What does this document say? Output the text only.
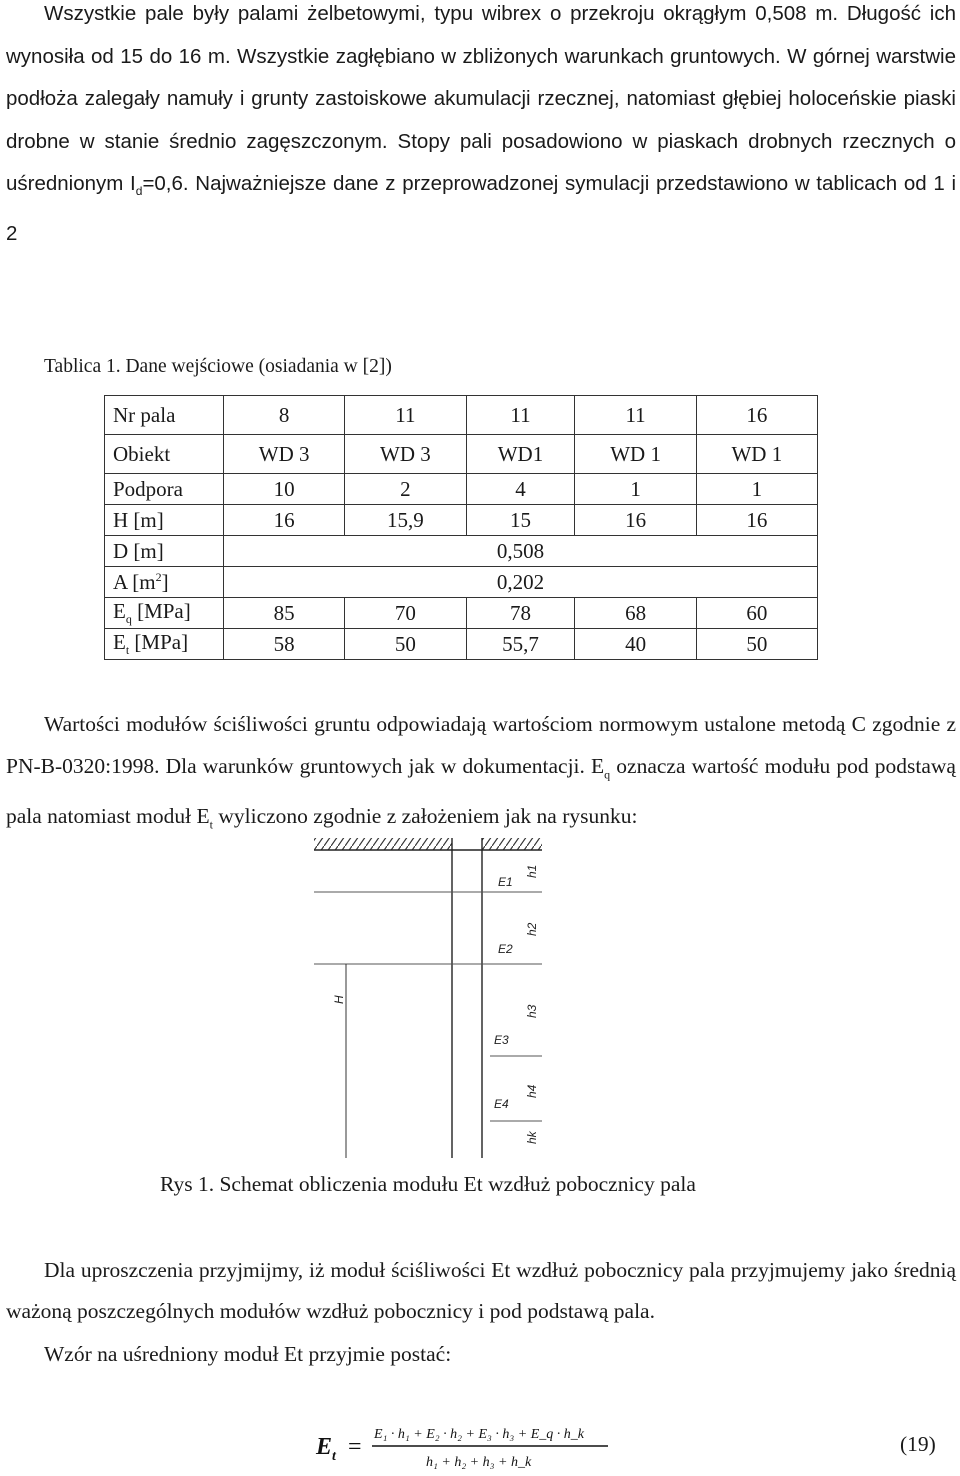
Wszystkie pale były palami żelbetowymi, typu wibrex o przekroju okrągłym 0,508 m. Długość ich wynosiła od 15 do 16 m. Wszystkie zagłębiano w zbliżonych warunkach gruntowych. W górnej warstwie podłoża zalegały namuły i grunty zastoiskowe akumulacji rzecznej, natomiast głębiej holoceńskie piaski drobne w stanie średnio zagęszczonym. Stopy pali posadowiono w piaskach drobnych rzecznych o uśrednionym $I_d=0,6$. Najważniejsze dane z przeprowadzonej symulacji przedstawiono w tablicach od 1 i 2

Tablica 1. Dane wejściowe (osiadania w [2])
Nr pala	8	11	11	11	16
Obiekt	WD 3	WD 3	WD1	WD 1	WD 1
Podpora	10	2	4	1	1
H [m]	16	15,9	15	16	16
D [m]	0,508				
A $[m^2]$	0,202				
$E_q$ [MPa]	85	70	78	68	60
$E_t$ [MPa]	58	50	55,7	40	50

Wartości modułów ściśliwości gruntu odpowiadają wartościom normowym ustalone metodą C zgodnie z PN-B-0320:1998. Dla warunków gruntowych jak w dokumentacji. $E_q$ oznacza wartość modułu pod podstawą pala natomiast moduł $E_t$ wyliczono zgodnie z założeniem jak na rysunku:

E1
E2
E3
E4
H
h1
h2
h3
h4
hk
Rys 1. Schemat obliczenia modułu Et wzdłuż pobocznicy pala

Dla uproszczenia przyjmijmy, iż moduł ściśliwości Et wzdłuż pobocznicy pala przyjmujemy jako średnią ważoną poszczególnych modułów wzdłuż pobocznicy i pod podstawą pala.

Wzór na uśredniony moduł Et przyjmie postać:
E t = E₁ · h₁ + E₂ · h₂ + E₃ · h₃ + E_q · h_k
h₁ + h₂ + h₃ + h_k
(19)
